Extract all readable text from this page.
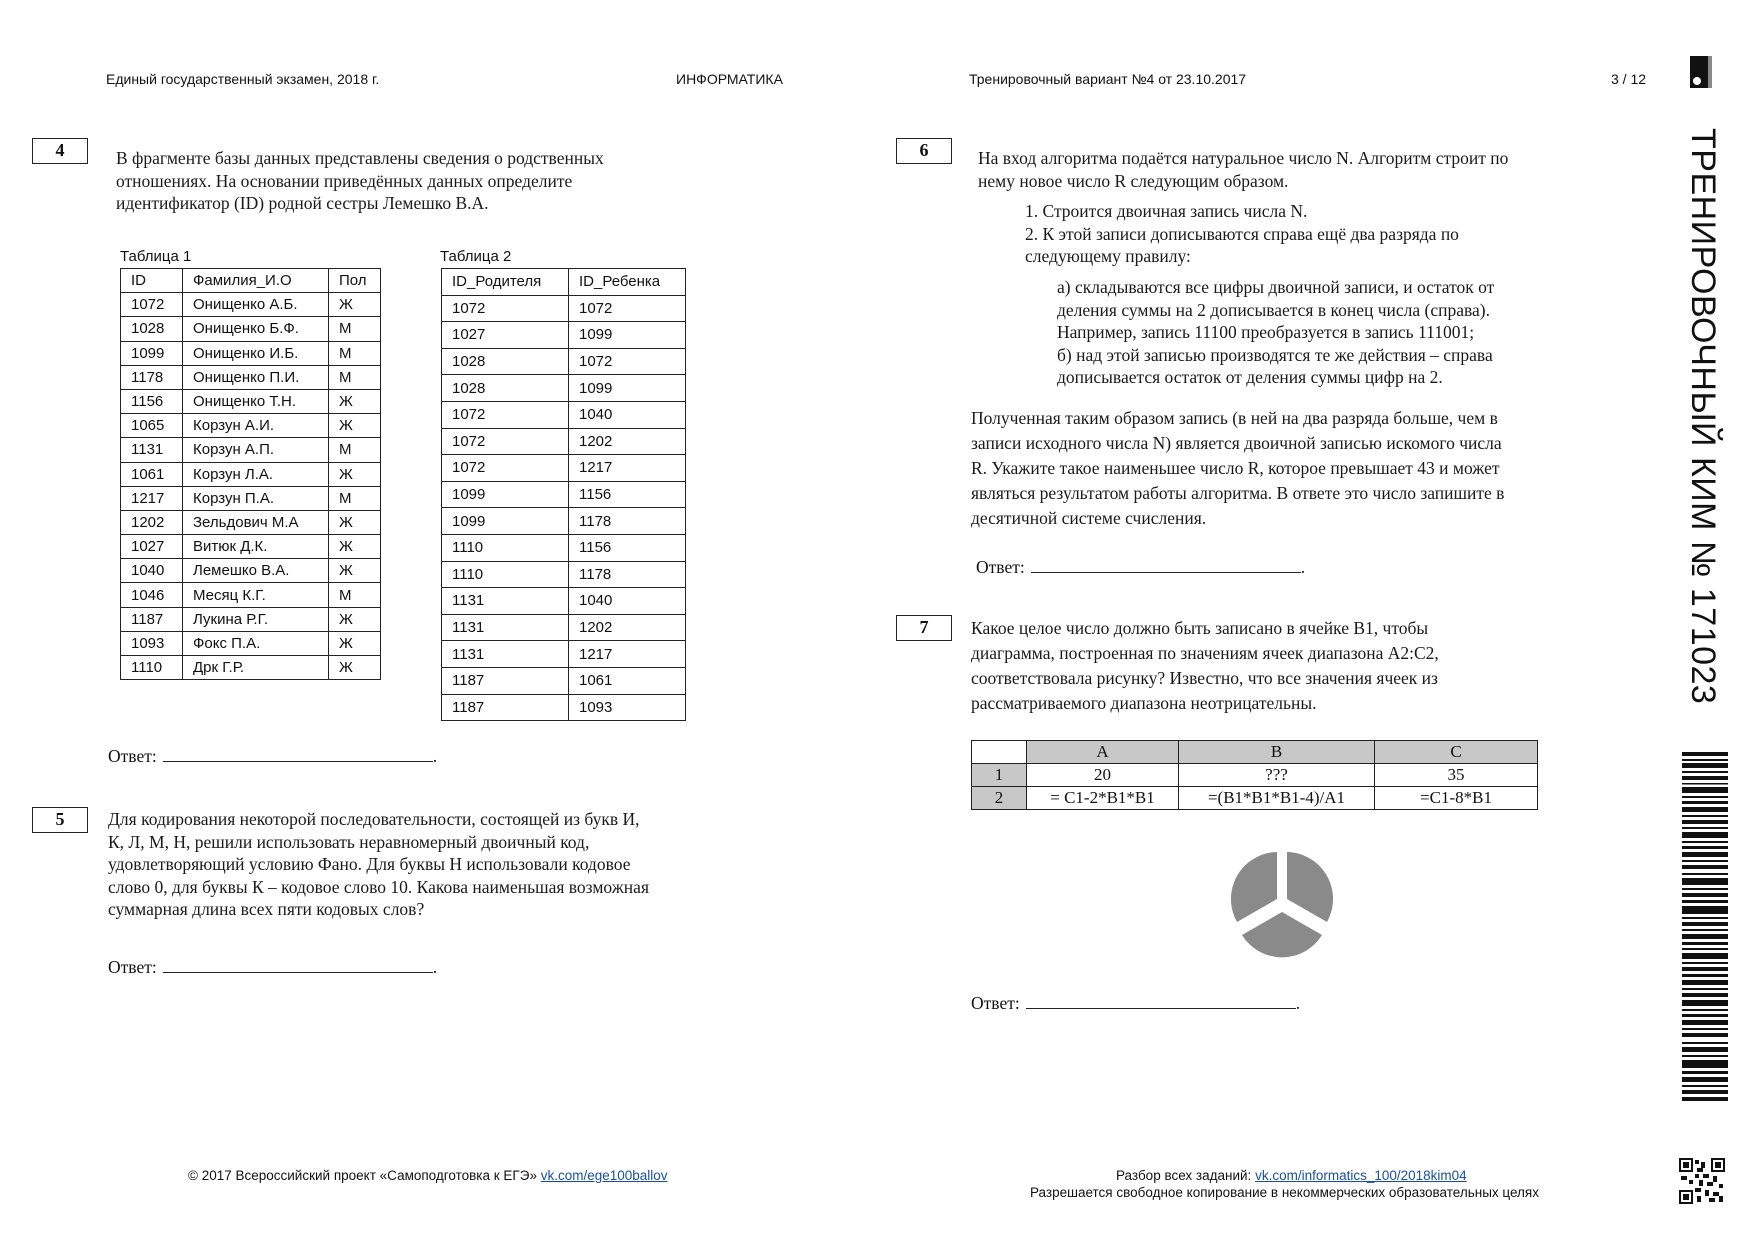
Единый государственный экзамен, 2018 г.	ИНФОРМАТИКА	Тренировочный вариант №4 от 23.10.2017	3 / 12
ТРЕНИРОВОЧНЫЙ КИМ № 171023
4	В фрагменте базы данных представлены сведения о родственных
отношениях. На основании приведённых данных определите
идентификатор (ID) родной сестры Лемешко В.А.
Таблица 1
ID	Фамилия_И.О	Пол
1072	Онищенко А.Б.	Ж
1028	Онищенко Б.Ф.	М
1099	Онищенко И.Б.	М
1178	Онищенко П.И.	М
1156	Онищенко Т.Н.	Ж
1065	Корзун А.И.	Ж
1131	Корзун А.П.	М
1061	Корзун Л.А.	Ж
1217	Корзун П.А.	М
1202	Зельдович М.А	Ж
1027	Витюк Д.К.	Ж
1040	Лемешко В.А.	Ж
1046	Месяц К.Г.	М
1187	Лукина Р.Г.	Ж
1093	Фокс П.А.	Ж
1110	Дрк Г.Р.	Ж
Таблица 2
ID_Родителя	ID_Ребенка
1072	1072
1027	1099
1028	1072
1028	1099
1072	1040
1072	1202
1072	1217
1099	1156
1099	1178
1110	1156
1110	1178
1131	1040
1131	1202
1131	1217
1187	1061
1187	1093
Ответ:	.
5	Для кодирования некоторой последовательности, состоящей из букв И,
К, Л, М, Н, решили использовать неравномерный двоичный код,
удовлетворяющий условию Фано. Для буквы Н использовали кодовое
слово 0, для буквы К – кодовое слово 10. Какова наименьшая возможная
суммарная длина всех пяти кодовых слов?
Ответ:	.
6	На вход алгоритма подаётся натуральное число N. Алгоритм строит по
нему новое число R следующим образом.
1. Строится двоичная запись числа N.
2. К этой записи дописываются справа ещё два разряда по
следующему правилу:
а) складываются все цифры двоичной записи, и остаток от
деления суммы на 2 дописывается в конец числа (справа).
Например, запись 11100 преобразуется в запись 111001;
б) над этой записью производятся те же действия – справа
дописывается остаток от деления суммы цифр на 2.
Полученная таким образом запись (в ней на два разряда больше, чем в
записи исходного числа N) является двоичной записью искомого числа
R. Укажите такое наименьшее число R, которое превышает 43 и может
являться результатом работы алгоритма. В ответе это число запишите в
десятичной системе счисления.
Ответ:	.
7	Какое целое число должно быть записано в ячейке B1, чтобы
диаграмма, построенная по значениям ячеек диапазона A2:C2,
соответствовала рисунку? Известно, что все значения ячеек из
рассматриваемого диапазона неотрицательны.
	A	B	C
1	20	???	35
2	= C1-2*B1*B1	=(B1*B1*B1-4)/A1	=C1-8*B1
Ответ:	.
© 2017 Всероссийский проект «Самоподготовка к ЕГЭ» vk.com/ege100ballov	Разбор всех заданий: vk.com/informatics_100/2018kim04
Разрешается свободное копирование в некоммерческих образовательных целях
